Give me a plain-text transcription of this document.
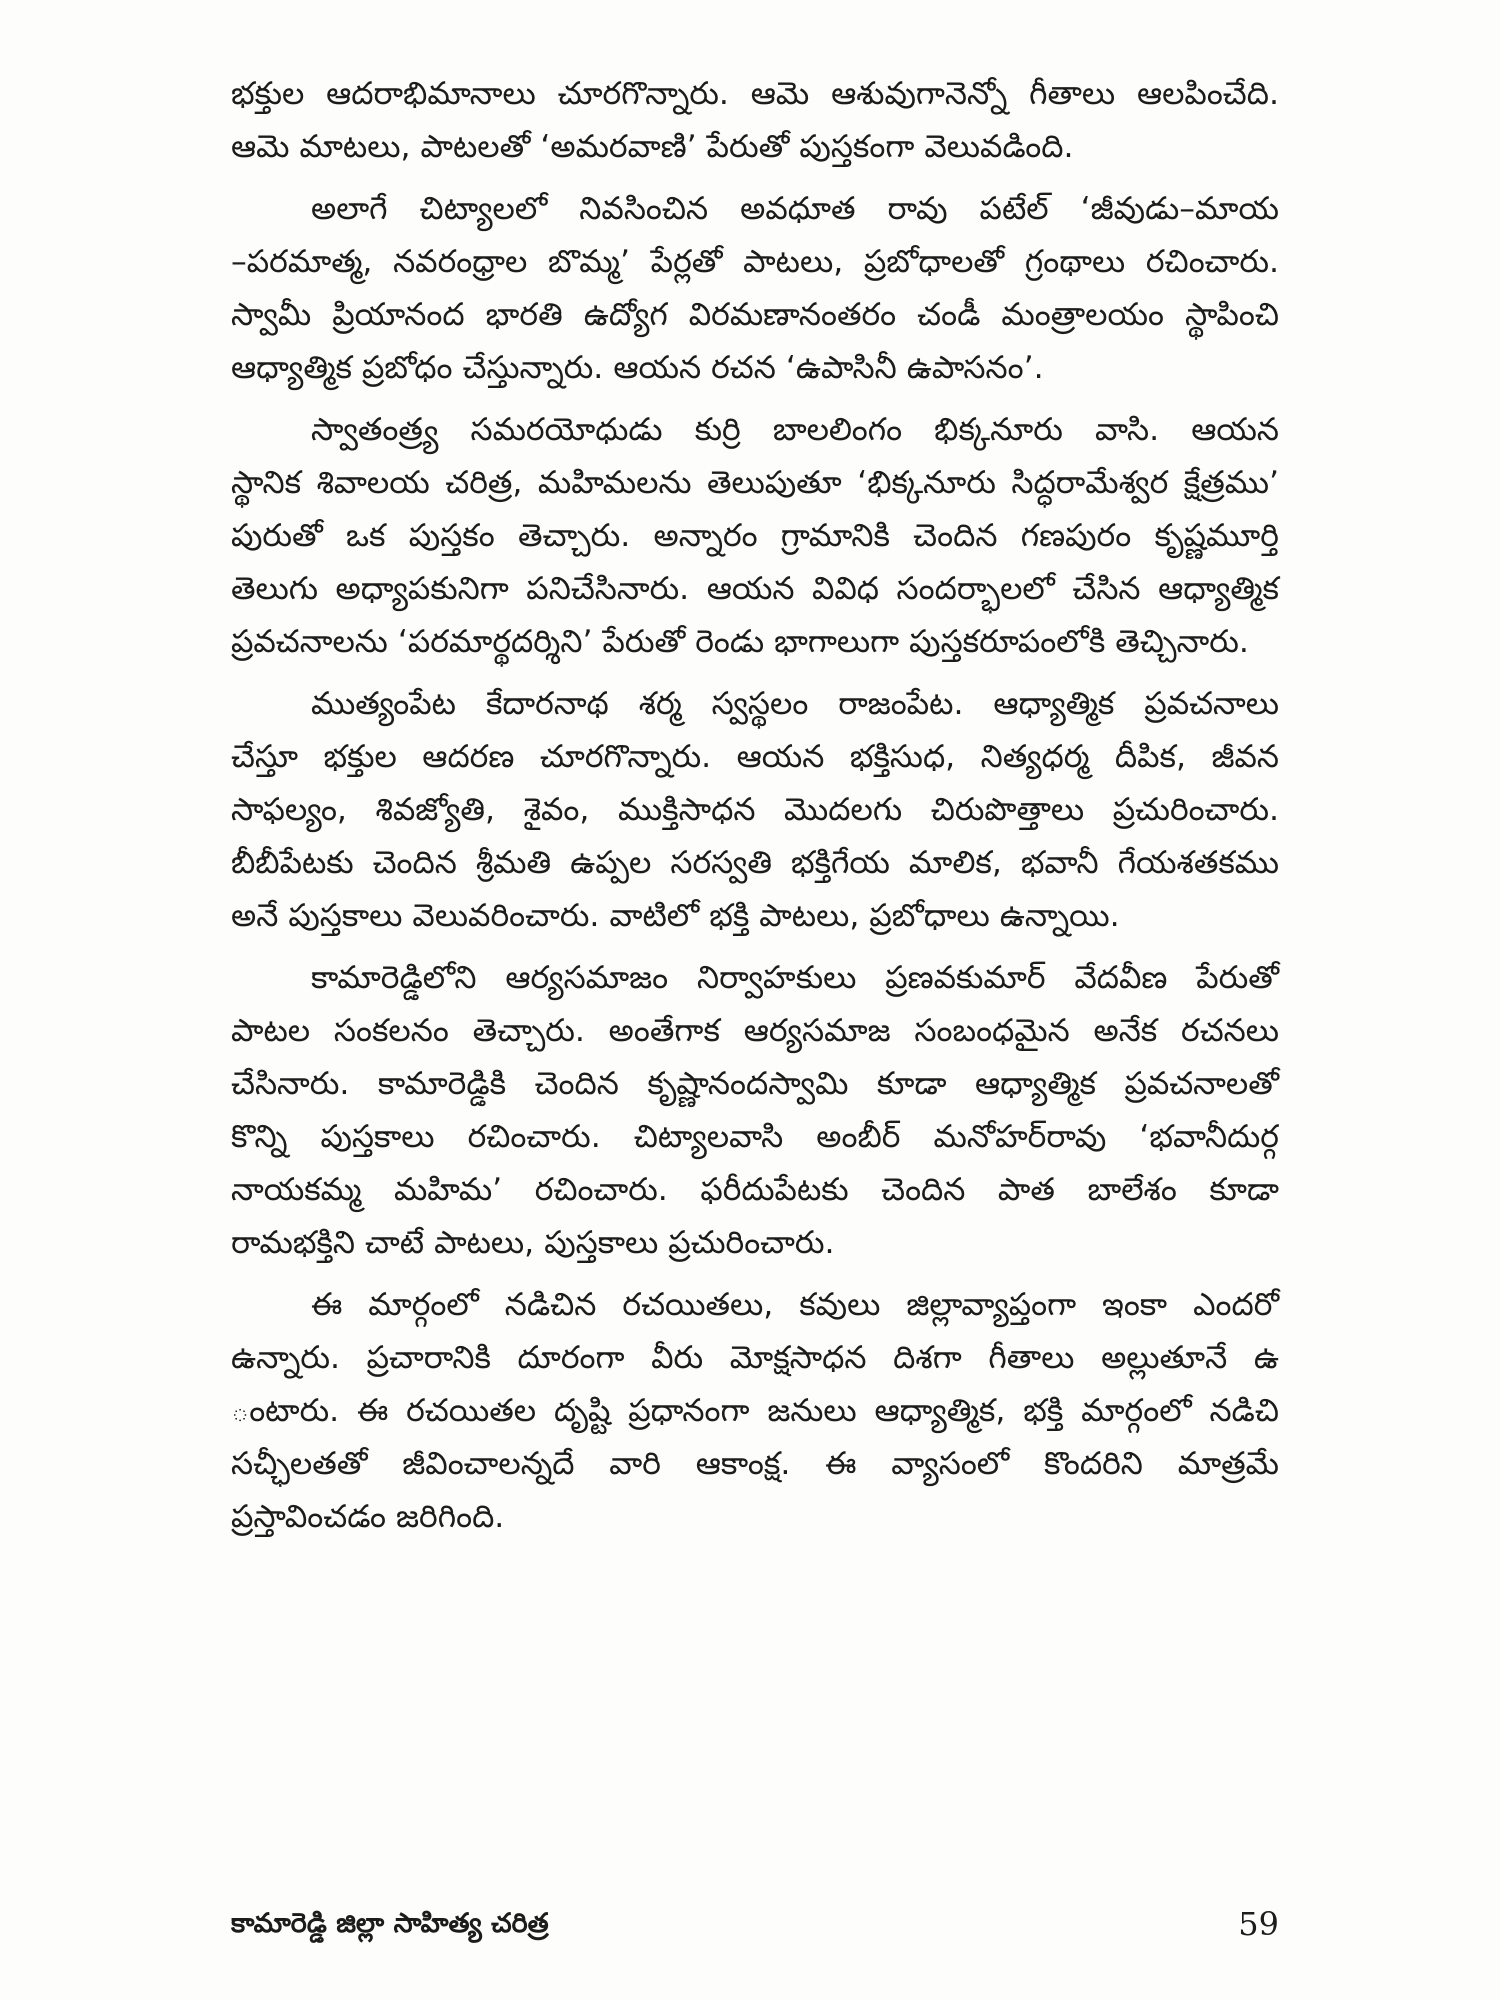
భక్తుల ఆదరాభిమానాలు చూరగొన్నారు. ఆమె ఆశువుగానెన్నో గీతాలు ఆలపించేది.
ఆమె మాటలు, పాటలతో ‘అమరవాణి’ పేరుతో పుస్తకంగా వెలువడింది.

అలాగే చిట్యాలలో నివసించిన అవధూత రావు పటేల్ ‘జీవుడు–మాయ
–పరమాత్మ, నవరంధ్రాల బొమ్మ’ పేర్లతో పాటలు, ప్రబోధాలతో గ్రంథాలు రచించారు.
స్వామీ ప్రియానంద భారతి ఉద్యోగ విరమణానంతరం చండీ మంత్రాలయం స్థాపించి
ఆధ్యాత్మిక ప్రబోధం చేస్తున్నారు. ఆయన రచన ‘ఉపాసినీ ఉపాసనం’.

స్వాతంత్ర్య సమరయోధుడు కుర్రి బాలలింగం భిక్కనూరు వాసి. ఆయన
స్థానిక శివాలయ చరిత్ర, మహిమలను తెలుపుతూ ‘భిక్కనూరు సిద్ధరామేశ్వర క్షేత్రము’
పురుతో ఒక పుస్తకం తెచ్చారు. అన్నారం గ్రామానికి చెందిన గణపురం కృష్ణమూర్తి
తెలుగు అధ్యాపకునిగా పనిచేసినారు. ఆయన వివిధ సందర్భాలలో చేసిన ఆధ్యాత్మిక
ప్రవచనాలను ‘పరమార్థదర్శిని’ పేరుతో రెండు భాగాలుగా పుస్తకరూపంలోకి తెచ్చినారు.

ముత్యంపేట కేదారనాథ శర్మ స్వస్థలం రాజంపేట. ఆధ్యాత్మిక ప్రవచనాలు
చేస్తూ భక్తుల ఆదరణ చూరగొన్నారు. ఆయన భక్తిసుధ, నిత్యధర్మ దీపిక, జీవన
సాఫల్యం, శివజ్యోతి, శైవం, ముక్తిసాధన మొదలగు చిరుపొత్తాలు ప్రచురించారు.
బీబీపేటకు చెందిన శ్రీమతి ఉప్పల సరస్వతి భక్తిగేయ మాలిక, భవానీ గేయశతకము
అనే పుస్తకాలు వెలువరించారు. వాటిలో భక్తి పాటలు, ప్రబోధాలు ఉన్నాయి.

కామారెడ్డిలోని ఆర్యసమాజం నిర్వాహకులు ప్రణవకుమార్ వేదవీణ పేరుతో
పాటల సంకలనం తెచ్చారు. అంతేగాక ఆర్యసమాజ సంబంధమైన అనేక రచనలు
చేసినారు. కామారెడ్డికి చెందిన కృష్ణానందస్వామి కూడా ఆధ్యాత్మిక ప్రవచనాలతో
కొన్ని పుస్తకాలు రచించారు. చిట్యాలవాసి అంబీర్ మనోహర్‌రావు ‘భవానీదుర్గ
నాయకమ్మ మహిమ’ రచించారు. ఫరీదుపేటకు చెందిన పాత బాలేశం కూడా
రామభక్తిని చాటే పాటలు, పుస్తకాలు ప్రచురించారు.

ఈ మార్గంలో నడిచిన రచయితలు, కవులు జిల్లావ్యాప్తంగా ఇంకా ఎందరో
ఉన్నారు. ప్రచారానికి దూరంగా వీరు మోక్షసాధన దిశగా గీతాలు అల్లుతూనే ఉ
ంటారు. ఈ రచయితల దృష్టి ప్రధానంగా జనులు ఆధ్యాత్మిక, భక్తి మార్గంలో నడిచి
సచ్ఛీలతతో జీవించాలన్నదే వారి ఆకాంక్ష. ఈ వ్యాసంలో కొందరిని మాత్రమే
ప్రస్తావించడం జరిగింది.

కామారెడ్డి జిల్లా సాహిత్య చరిత్ర	59
